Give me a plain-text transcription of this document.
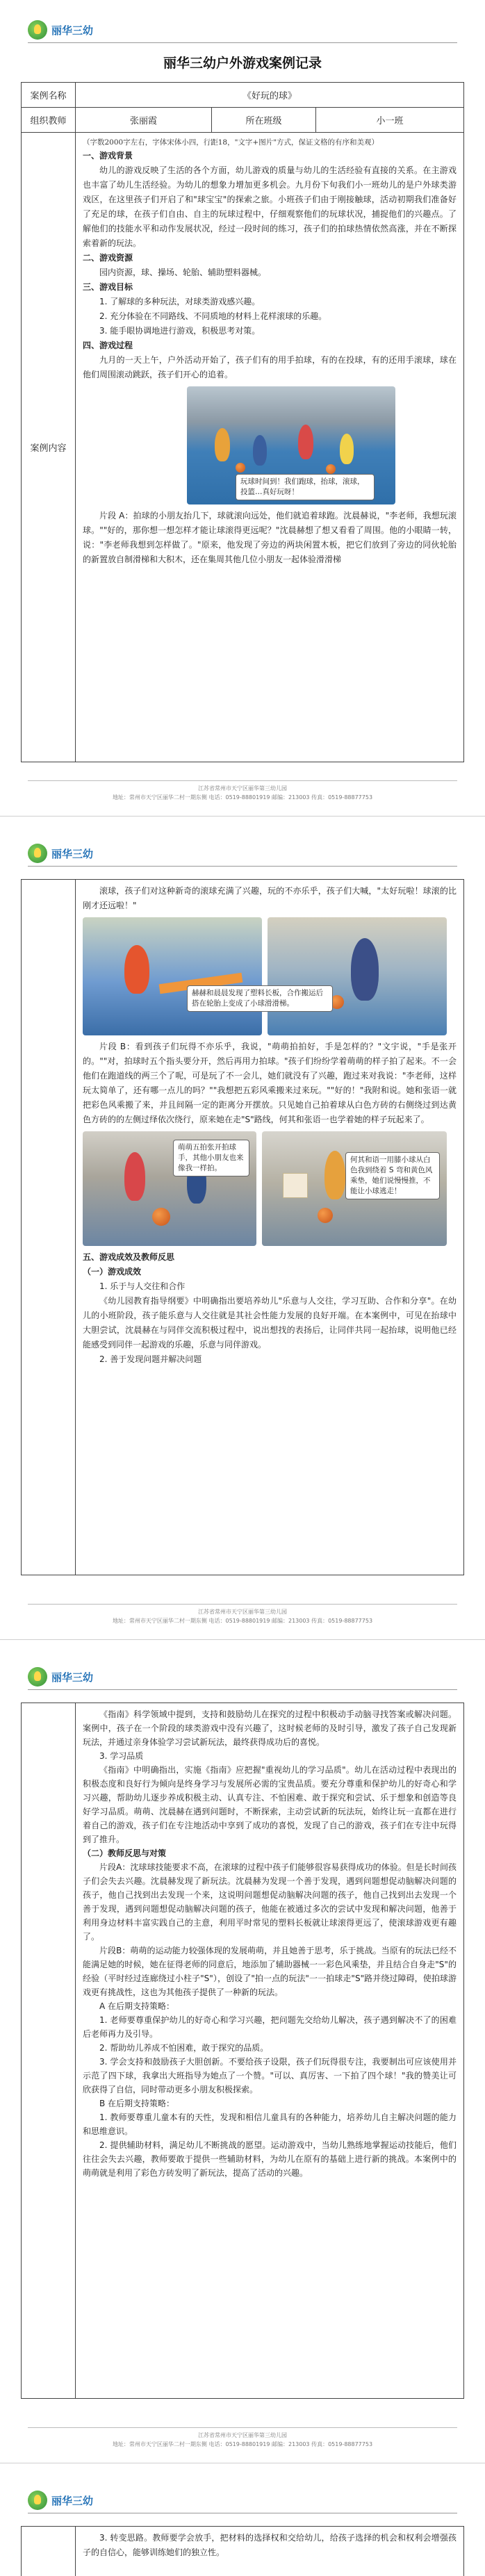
丽华三幼
丽华三幼户外游戏案例记录
案例名称	《好玩的球》
组织教师	张丽霞	所在班级	小一班
案例内容

（字数2000字左右，字体宋体小四，行距18，"文字+图片"方式，保证文格的有序和美观）

一、游戏背景

幼儿的游戏反映了生活的各个方面，幼儿游戏的质量与幼儿的生活经验有直接的关系。在主游戏也丰富了幼儿生活经验。为幼儿的想象力增加更多机会。九月份下旬我们小一班幼儿的是户外球类游戏区，在这里孩子们开启了和"球宝宝"的探索之旅。小班孩子们由于刚接触球，活动初期我们准备好了充足的球，在孩子们自由、自主的玩球过程中，仔细观察他们的玩球状况，捕捉他们的兴趣点。了解他们的技能水平和动作发展状况，经过一段时间的练习，孩子们的拍球热情依然高涨，并在不断探索着新的玩法。

二、游戏资源

园内资源，球、操场、轮胎、辅助塑料器械。

三、游戏目标

1. 了解球的多种玩法，对球类游戏感兴趣。

2. 充分体验在不同路线、不同质地的材料上花样滚球的乐趣。

3. 能手眼协调地进行游戏，积极思考对策。

四、游戏过程

九月的一天上午，户外活动开始了，孩子们有的用手拍球，有的在投球，有的还用手滚球，球在他们周围滚动跳跃，孩子们开心的追着。

玩球时间到！我们跑球，抬球，滚球，投篮…真好玩呀！

片段 A：拍球的小朋友抬几下，球就滚向远处，他们就追着球跑。沈晨赫说，"李老师，我想玩滚球。""好的，那你想一想怎样才能让球滚得更远呢？"沈晨赫想了想又看看了周围。他的小眼睛一转，说："李老师我想到怎样做了。"原来，他发现了旁边的两块闲置木板，把它们放到了旁边的同伙轮胎的新置放自制滑梯和大积木，还在集周其他几位小朋友一起体验滑滑梯

江苏省常州市天宁区丽华第三幼儿园
地址：常州市天宁区丽华二村一期东侧 电话：0519-88801919 邮编：213003 传真：0519-88877753
丽华三幼

滚球，孩子们对这种新奇的滚球充满了兴趣，玩的不亦乐乎，孩子们大喊，"太好玩啦！球滚的比刚才还远啦！"

赫赫和晨晨发现了塑料长板，合作搬运后搭在轮胎上变成了小球滑滑梯。

片段 B：看到孩子们玩得不亦乐乎，我说，"萌萌拍拍好，手是怎样的？"文宇说，"手是张开的。""对，拍球时五个指头要分开，然后再用力拍球。"孩子们纷纷学着萌萌的样子拍了起来。不一会他们在跑道线的两三个了呢，可是玩了不一会儿，她们就没有了兴趣，跑过来对我说："李老师，这样玩太简单了，还有哪一点儿的吗？""我想把五彩风乘搬来过来玩。""好的！"我附和说。她和张语一就把彩色风乘搬了来，并且间隔一定的距离分开摆放。只见她自己拍着球从白色方砖的右侧绕过到达黄色方砖的的左侧过绎依次绕行，原来她在走"S"路线，何其和张语一也学着她的样子玩起来了。

萌萌五拍张开拍球手，其他小朋友也来像我一样拍。
何其和语一用膝小球从白色我到绕着 S 弯和黄色风乘垫，她们说慢慢推，不能让小球逃走！

五、游戏成效及教师反思

（一）游戏成效

1. 乐于与人交往和合作

《幼儿园教育指导纲要》中明确指出要培养幼儿"乐意与人交往，学习互助、合作和分享"。在幼儿的小班阶段，孩子能乐意与人交往就是其社会性能力发展的良好开端。在本案例中，可见在抬球中大胆尝试，沈晨赫在与同伴交流积极过程中，说出想找的表扬后，让同伴共同一起抬球，说明他已经能感受到同伴一起游戏的乐趣，乐意与同伴游戏。

2. 善于发现问题并解决问题

江苏省常州市天宁区丽华第三幼儿园
地址：常州市天宁区丽华二村一期东侧 电话：0519-88801919 邮编：213003 传真：0519-88877753
丽华三幼

《指南》科学领域中提到，支持和鼓励幼儿在探究的过程中积极动手动脑寻找答案或解决问题。案例中，孩子在一个阶段的球类游戏中没有兴趣了，这时候老师的及时引导，激发了孩子自己发现新玩法，并通过亲身体验学习尝试新玩法，最终获得成功后的喜悦。

3. 学习品质

《指南》中明确指出，实施《指南》应把握"重视幼儿的学习品质"。幼儿在活动过程中表现出的积极态度和良好行为倾向是终身学习与发展所必需的宝贵品质。要充分尊重和保护幼儿的好奇心和学习兴趣，帮助幼儿逐步养成积极主动、认真专注、不怕困难、敢于探究和尝试、乐于想象和创造等良好学习品质。萌萌、沈晨赫在遇到问题时，不断探索，主动尝试新的玩法玩，始终让玩一直都在进行着自己的游戏，孩子们在专注地活动中享到了成功的喜悦，发现了自己的游戏，孩子们在专注中玩得到了推升。

（二）教师反思与对策

片段A：沈球球技能要求不高，在滚球的过程中孩子们能够很容易获得成功的体验。但是长时间孩子们会失去兴趣。沈晨赫发现了新玩法。沈晨赫为发现一个善于发现，遇到问题想促动脑解决问题的孩子，他自己找到出去发现一个来，这说明问题想促动脑解决问题的孩子，他自己找到出去发现一个善于发现，遇到问题想促动脑解决问题的孩子，他能在被通过多次的尝试中发现和解决问题，他善于利用身边材料丰富实践自己的主意，利用平时常见的塑料长板就让球滚得更远了，使滚球游戏更有趣了。

片段B：萌萌的运动能力较强体现的发展萌萌，并且她善于思考，乐于挑战。当原有的玩法已经不能满足她的时候，她在征得老师的同意后，地添加了辅助器械一一彩色风乘垫，并且结合自身走"S"的经验（平时经过连廊绕过小柱子"S"），创设了"拍一点的玩法"一一拍球走"S"路并绕过障碍，使拍球游戏更有挑战性，这也为其他孩子提供了一种新的玩法。

A 在后期支持策略：

1. 老师要尊重保护幼儿的好奇心和学习兴趣，把问题先交给幼儿解决，孩子遇到解决不了的困难后老师再力及引导。

2. 帮助幼儿养成不怕困难，敢于探究的品质。

3. 学会支持和鼓励孩子大胆创新。不要给孩子设限，孩子们玩得很专注，我要制出可应该使用并示范了四下球，我拿出大班指导为她点了一个赞。"可以、真厉害、一下拍了四个球！"我的赞美让可欣获得了自信，同时带动更多小朋友积极探索。

B 在后期支持策略：

1. 教师要尊重儿童本有的天性，发现和相信儿童具有的各种能力，培养幼儿自主解决问题的能力和思维意识。

2. 提供辅助材料，满足幼儿不断挑战的愿望。运动游戏中，当幼儿熟练地掌握运动技能后，他们往往会失去兴趣，教师要敢于提供一些辅助材料，为幼儿在原有的基础上进行新的挑战。本案例中的萌萌就是利用了彩色方砖发明了新玩法，提高了活动的兴趣。

江苏省常州市天宁区丽华第三幼儿园
地址：常州市天宁区丽华二村一期东侧 电话：0519-88801919 邮编：213003 传真：0519-88877753
丽华三幼

3. 转变思路。教师要学会放手，把材料的选择权和交给幼儿，给孩子选择的机会和权利会增强孩子的自信心，能够训练她们的独立性。
